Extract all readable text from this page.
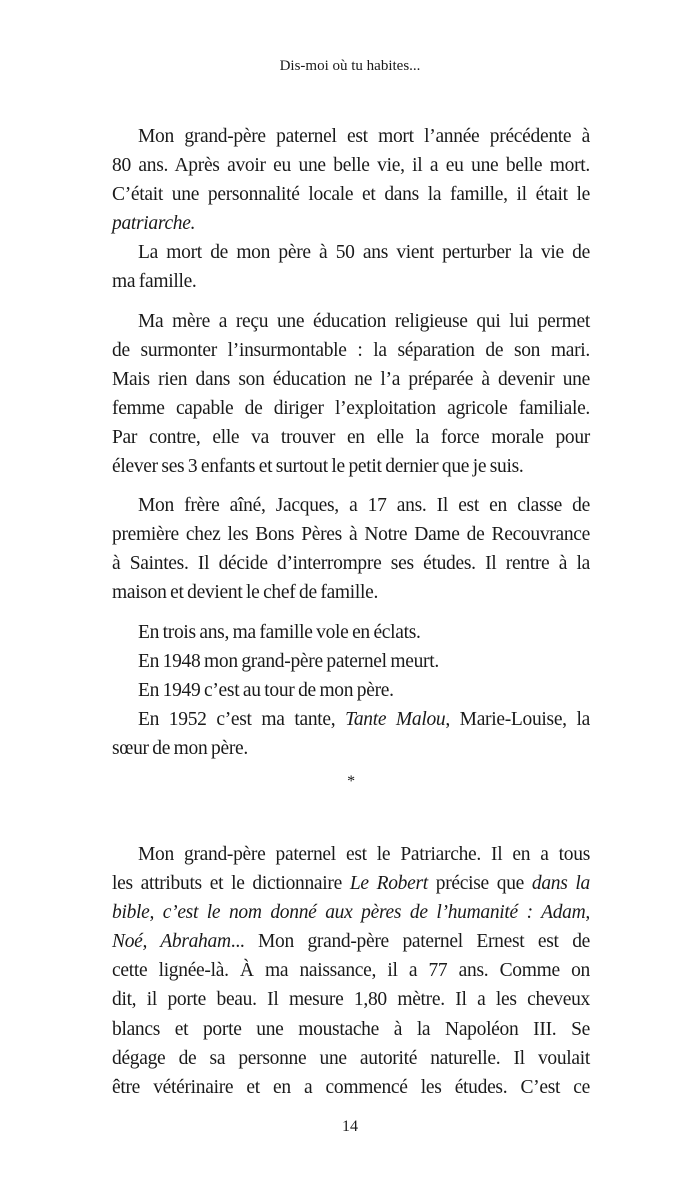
Dis-moi où tu habites...
Mon grand-père paternel est mort l’année précédente à
80 ans. Après avoir eu une belle vie, il a eu une belle mort.
C’était une personnalité locale et dans la famille, il était le
patriarche.
La mort de mon père à 50 ans vient perturber la vie de
ma famille.
Ma mère a reçu une éducation religieuse qui lui permet
de surmonter l’insurmontable : la séparation de son mari.
Mais rien dans son éducation ne l’a préparée à devenir une
femme capable de diriger l’exploitation agricole familiale.
Par contre, elle va trouver en elle la force morale pour
élever ses 3 enfants et surtout le petit dernier que je suis.
Mon frère aîné, Jacques, a 17 ans. Il est en classe de
première chez les Bons Pères à Notre Dame de Recouvrance
à Saintes. Il décide d’interrompre ses études. Il rentre à la
maison et devient le chef de famille.
En trois ans, ma famille vole en éclats.
En 1948 mon grand-père paternel meurt.
En 1949 c’est au tour de mon père.
En 1952 c’est ma tante, Tante Malou, Marie-Louise, la
sœur de mon père.
*
Mon grand-père paternel est le Patriarche. Il en a tous
les attributs et le dictionnaire Le Robert précise que dans la
bible, c’est le nom donné aux pères de l’humanité : Adam,
Noé, Abraham... Mon grand-père paternel Ernest est de
cette lignée-là. À ma naissance, il a 77 ans. Comme on
dit, il porte beau. Il mesure 1,80 mètre. Il a les cheveux
blancs et porte une moustache à la Napoléon III. Se
dégage de sa personne une autorité naturelle. Il voulait
être vétérinaire et en a commencé les études. C’est ce
14
